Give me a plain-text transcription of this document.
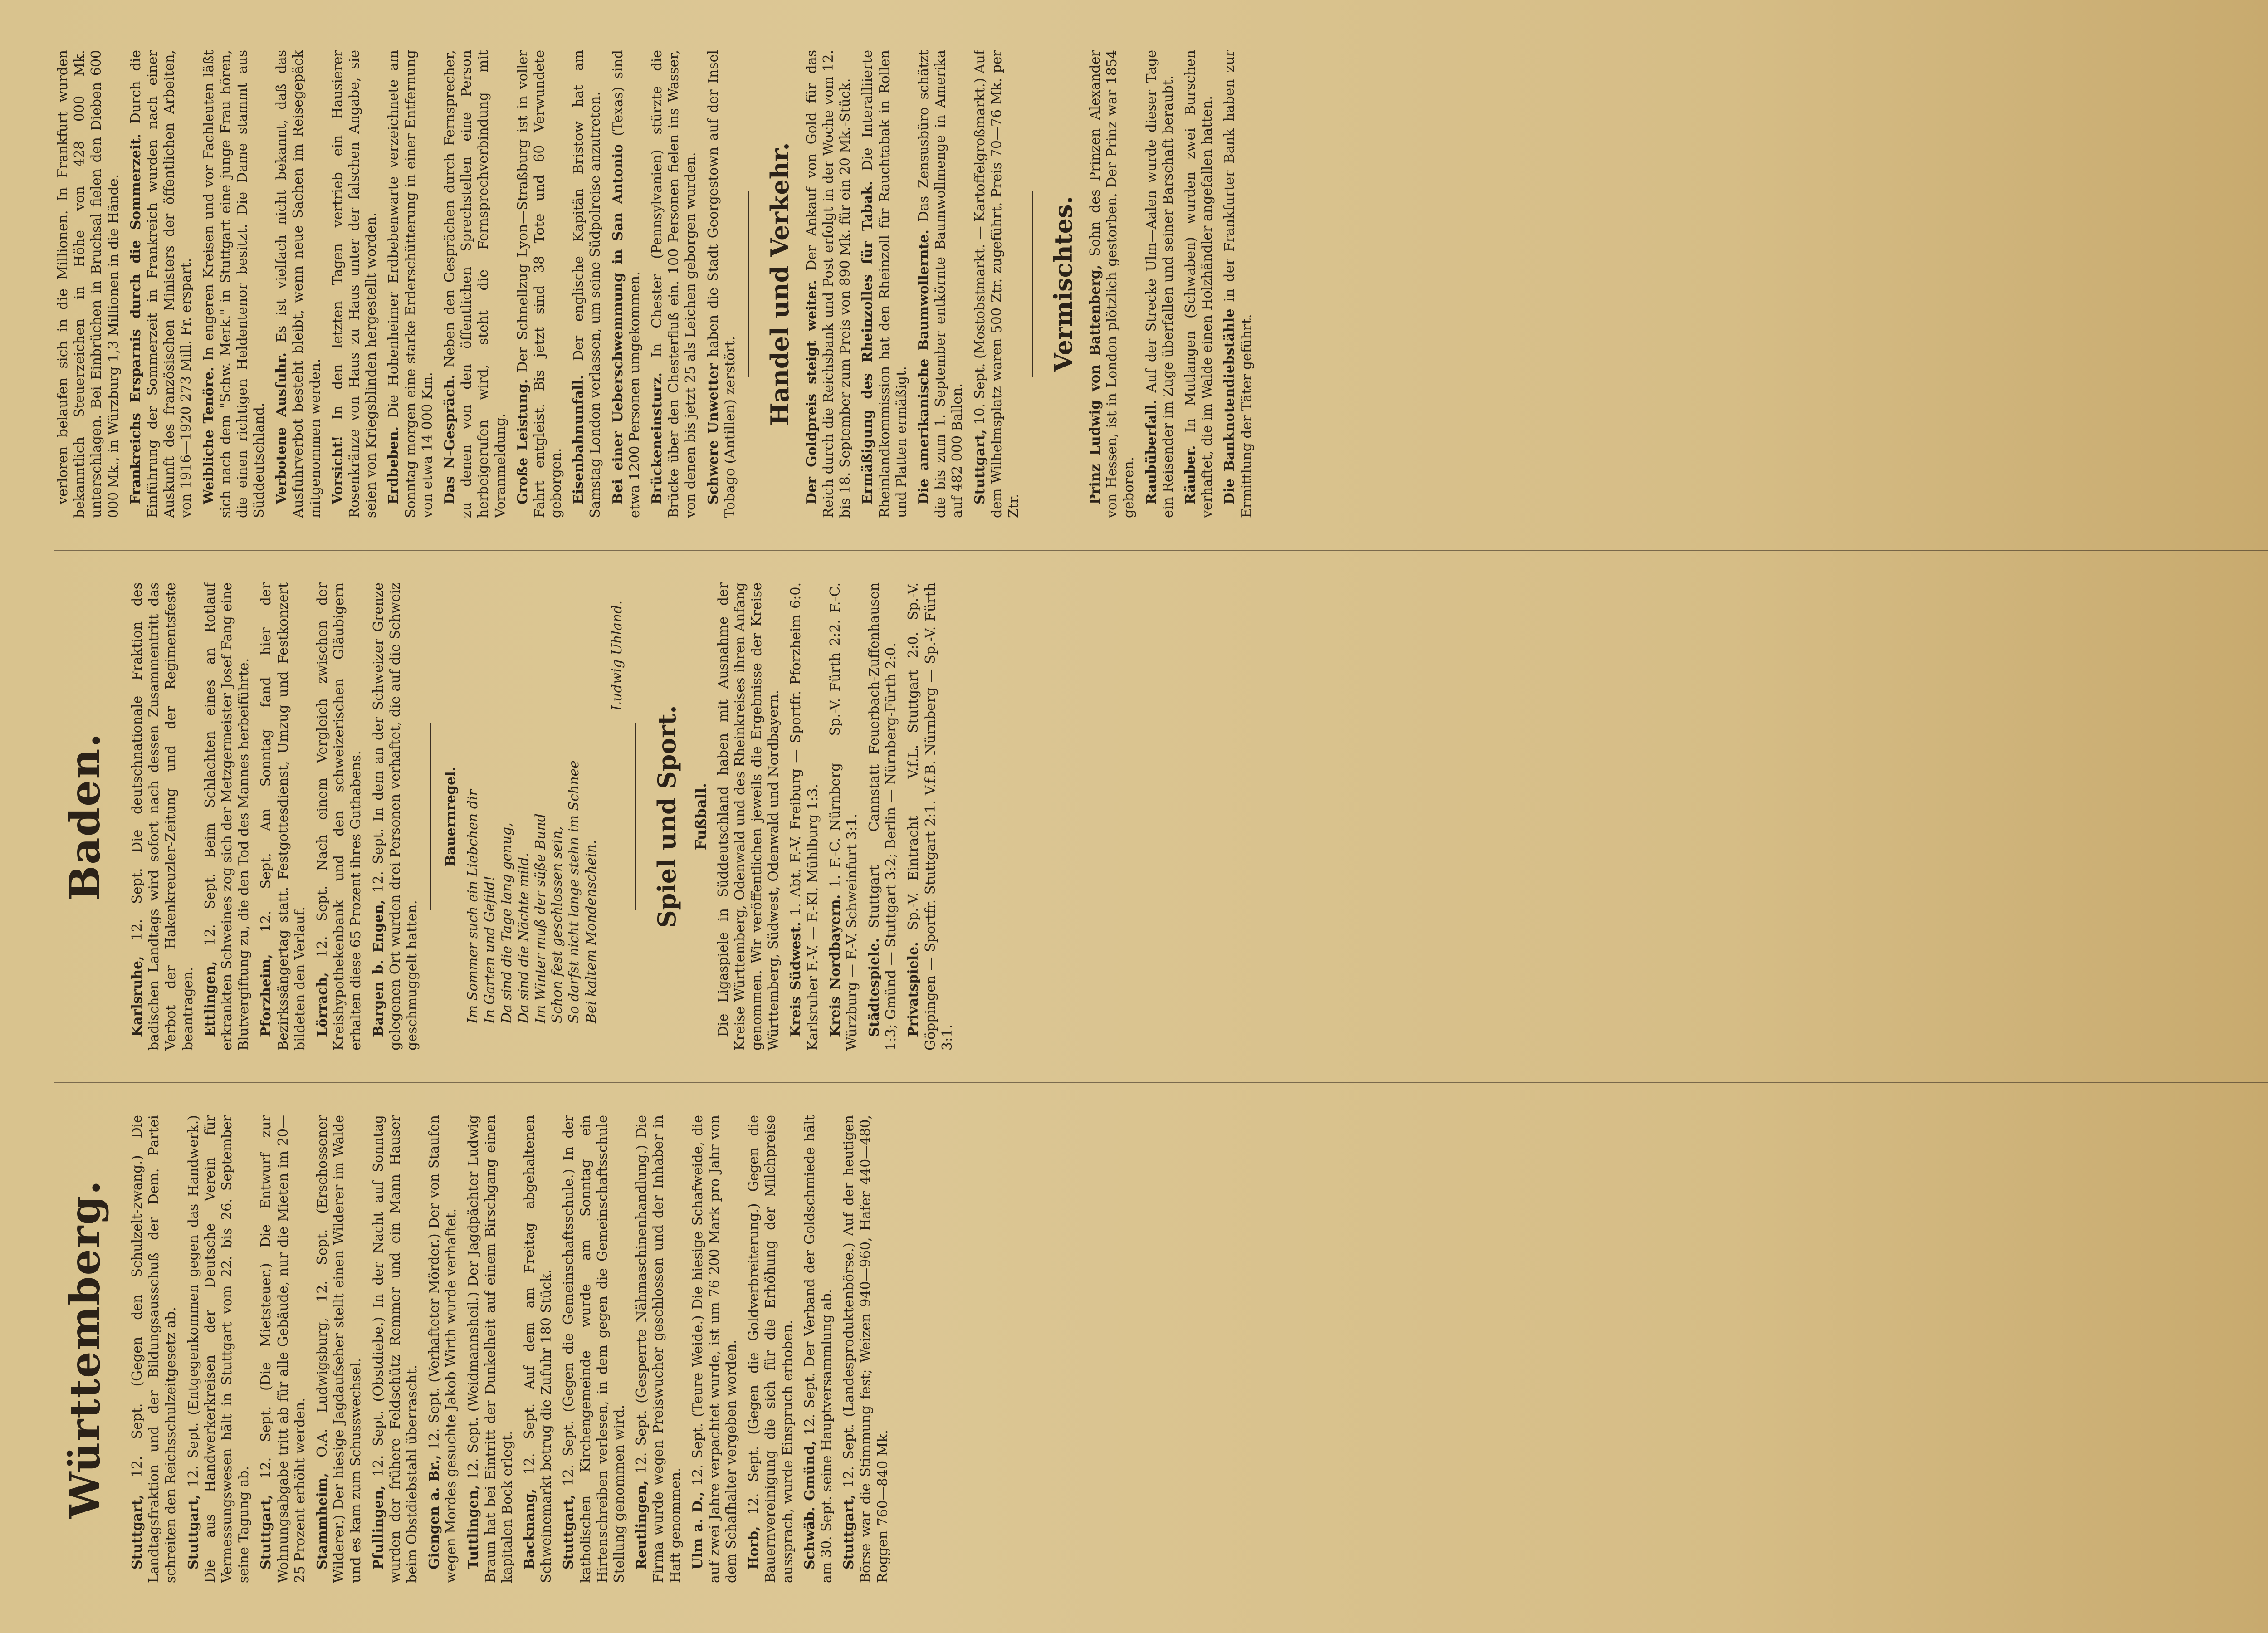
Württemberg.

Stuttgart, 12. Sept. (Gegen den Schulzelt-zwang.) Die Landtagsfraktion und der Bildungsausschuß der Dem. Partei schreiten den Reichsschulzeitgesetz ab. Stuttgart, 12. Sept. (Entgegenkommen gegen das Handwerk.) Die aus Handwerkerkreisen der Deutsche Verein für Vermessungswesen hält in Stuttgart vom 22. bis 26. September seine Tagung ab. Stuttgart, 12. Sept. (Die Mietsteuer.) Die Entwurf zur Wohnungsabgabe tritt ab für alle Gebäude, nur die Mieten im 20—25 Prozent erhöht werden. Stammheim, O.A. Ludwigsburg, 12. Sept. (Erschossener Wilderer.) Der hiesige Jagdaufseher stellt einen Wilderer im Walde und es kam zum Schusswechsel. Pfullingen, 12. Sept. (Obstdiebe.) In der Nacht auf Sonntag wurden der frühere Feldschütz Remmer und ein Mann Hauser beim Obstdiebstahl überrascht. Giengen a. Br., 12. Sept. (Verhafteter Mörder.) Der von Staufen wegen Mordes gesuchte Jakob Wirth wurde verhaftet. Tuttlingen, 12. Sept. (Weidmannsheil.) Der Jagdpächter Ludwig Braun hat bei Eintritt der Dunkelheit auf einem Birschgang einen kapitalen Bock erlegt. Backnang, 12. Sept. Auf dem am Freitag abgehaltenen Schweinemarkt betrug die Zufuhr 180 Stück. Stuttgart, 12. Sept. (Gegen die Gemeinschaftsschule.) In der katholischen Kirchengemeinde wurde am Sonntag ein Hirtenschreiben verlesen, in dem gegen die Gemeinschaftsschule Stellung genommen wird. Reutlingen, 12. Sept. (Gesperrte Nähmaschinenhandlung.) Die Firma wurde wegen Preiswucher geschlossen und der Inhaber in Haft genommen. Ulm a. D., 12. Sept. (Teure Weide.) Die hiesige Schafweide, die auf zwei Jahre verpachtet wurde, ist um 76 200 Mark pro Jahr von dem Schafhalter vergeben worden. Horb, 12. Sept. (Gegen die Goldverbreiterung.) Gegen die Bauernvereinigung die sich für die Erhöhung der Milchpreise aussprach, wurde Einspruch erhoben. Schwäb. Gmünd, 12. Sept. Der Verband der Goldschmiede hält am 30. Sept. seine Hauptversammlung ab. Stuttgart, 12. Sept. (Landesproduktenbörse.) Auf der heutigen Börse war die Stimmung fest; Weizen 940—960, Hafer 440—480, Roggen 760—840 Mk.

Baden.

Karlsruhe, 12. Sept. Die deutschnationale Fraktion des badischen Landtags wird sofort nach dessen Zusammentritt das Verbot der Hakenkreuzler-Zeitung und der Regimentsfeste beantragen. Ettlingen, 12. Sept. Beim Schlachten eines an Rotlauf erkrankten Schweines zog sich der Metzgermeister Josef Fang eine Blutvergiftung zu, die den Tod des Mannes herbeiführte. Pforzheim, 12. Sept. Am Sonntag fand hier der Bezirkssängertag statt. Festgottesdienst, Umzug und Festkonzert bildeten den Verlauf. Lörrach, 12. Sept. Nach einem Vergleich zwischen der Kreishypothekenbank und den schweizerischen Gläubigern erhalten diese 65 Prozent ihres Guthabens. Bargen b. Engen, 12. Sept. In dem an der Schweizer Grenze gelegenen Ort wurden drei Personen verhaftet, die auf die Schweiz geschmuggelt hatten.

Bauernregel. Im Sommer such ein Liebchen dir In Garten und Gefild! Da sind die Tage lang genug, Da sind die Nächte mild. Im Winter muß der süße Bund Schon fest geschlossen sein, So darfst nicht lange stehn im Schnee Bei kaltem Mondenschein.
Ludwig Uhland.
Spiel und Sport. Fußball. Die Ligaspiele in Süddeutschland haben mit Ausnahme der Kreise Württemberg, Odenwald und des Rheinkreises ihren Anfang genommen. Wir veröffentlichen jeweils die Ergebnisse der Kreise Württemberg, Südwest, Odenwald und Nordbayern. Kreis Südwest. 1. Abt. F.-V. Freiburg — Sportfr. Pforzheim 6:0. Karlsruher F.-V. — F.-Kl. Mühlburg 1:3. Kreis Nordbayern. 1. F.-C. Nürnberg — Sp.-V. Fürth 2:2. F.-C. Würzburg — F.-V. Schweinfurt 3:1. Städtespiele. Stuttgart — Cannstatt Feuerbach-Zuffenhausen 1:3; Gmünd — Stuttgart 3:2; Berlin — Nürnberg-Fürth 2:0. Privatspiele. Sp.-V. Eintracht — V.f.L. Stuttgart 2:0. Sp.-V. Göppingen — Sportfr. Stuttgart 2:1. V.f.B. Nürnberg — Sp.-V. Fürth 3:1.

verloren belaufen sich in die Millionen. In Frankfurt wurden bekanntlich Steuerzeichen in Höhe von 428 000 Mk. unterschlagen. Bei Einbrüchen in Bruchsal fielen den Dieben 600 000 Mk., in Würzburg 1,3 Millionen in die Hände. Frankreichs Ersparnis durch die Sommerzeit. Durch die Einführung der Sommerzeit in Frankreich wurden nach einer Auskunft des französischen Ministers der öffentlichen Arbeiten, von 1916—1920 273 Mill. Fr. erspart. Weibliche Tenöre. In engeren Kreisen und vor Fachleuten läßt sich nach dem "Schw. Merk." in Stuttgart eine junge Frau hören, die einen richtigen Heldentenor besitzt. Die Dame stammt aus Süddeutschland. Verbotene Ausfuhr. Es ist vielfach nicht bekannt, daß das Ausfuhrverbot besteht bleibt, wenn neue Sachen im Reisegepäck mitgenommen werden. Vorsicht! In den letzten Tagen vertrieb ein Hausierer Rosenkränze von Haus zu Haus unter der falschen Angabe, sie seien von Kriegsblinden hergestellt worden. Erdbeben. Die Hohenheimer Erdbebenwarte verzeichnete am Sonntag morgen eine starke Erderschütterung in einer Entfernung von etwa 14 000 Km. Das N-Gespräch. Neben den Gesprächen durch Fernsprecher, zu denen von den öffentlichen Sprechstellen eine Person herbeigerufen wird, steht die Fernsprechverbindung mit Voranmeldung. Große Leistung. Der Schnellzug Lyon—Straßburg ist in voller Fahrt entgleist. Bis jetzt sind 38 Tote und 60 Verwundete geborgen. Eisenbahnunfall. Der englische Kapitän Bristow hat am Samstag London verlassen, um seine Südpolreise anzutreten. Bei einer Ueberschwemmung in San Antonio (Texas) sind etwa 1200 Personen umgekommen. Brückeneinsturz. In Chester (Pennsylvanien) stürzte die Brücke über den Chesterfluß ein. 100 Personen fielen ins Wasser, von denen bis jetzt 25 als Leichen geborgen wurden. Schwere Unwetter haben die Stadt Georgestown auf der Insel Tobago (Antillen) zerstört.

Handel und Verkehr. Der Goldpreis steigt weiter. Der Ankauf von Gold für das Reich durch die Reichsbank und Post erfolgt in der Woche vom 12. bis 18. September zum Preis von 890 Mk. für ein 20 Mk.-Stück. Ermäßigung des Rheinzolles für Tabak. Die Interalliierte Rheinlandkommission hat den Rheinzoll für Rauchtabak in Rollen und Platten ermäßigt. Die amerikanische Baumwollernte. Das Zensusbüro schätzt die bis zum 1. September entkörnte Baumwollmenge in Amerika auf 482 000 Ballen. Stuttgart, 10. Sept. (Mostobstmarkt. — Kartoffelgroßmarkt.) Auf dem Wilhelmsplatz waren 500 Ztr. zugeführt. Preis 70—76 Mk. per Ztr.

Vermischtes. Prinz Ludwig von Battenberg, Sohn des Prinzen Alexander von Hessen, ist in London plötzlich gestorben. Der Prinz war 1854 geboren. Raubüberfall. Auf der Strecke Ulm—Aalen wurde dieser Tage ein Reisender im Zuge überfallen und seiner Barschaft beraubt. Räuber. In Mutlangen (Schwaben) wurden zwei Burschen verhaftet, die im Walde einen Holzhändler angefallen hatten. Die Banknotendiebstähle in der Frankfurter Bank haben zur Ermittlung der Täter geführt.
